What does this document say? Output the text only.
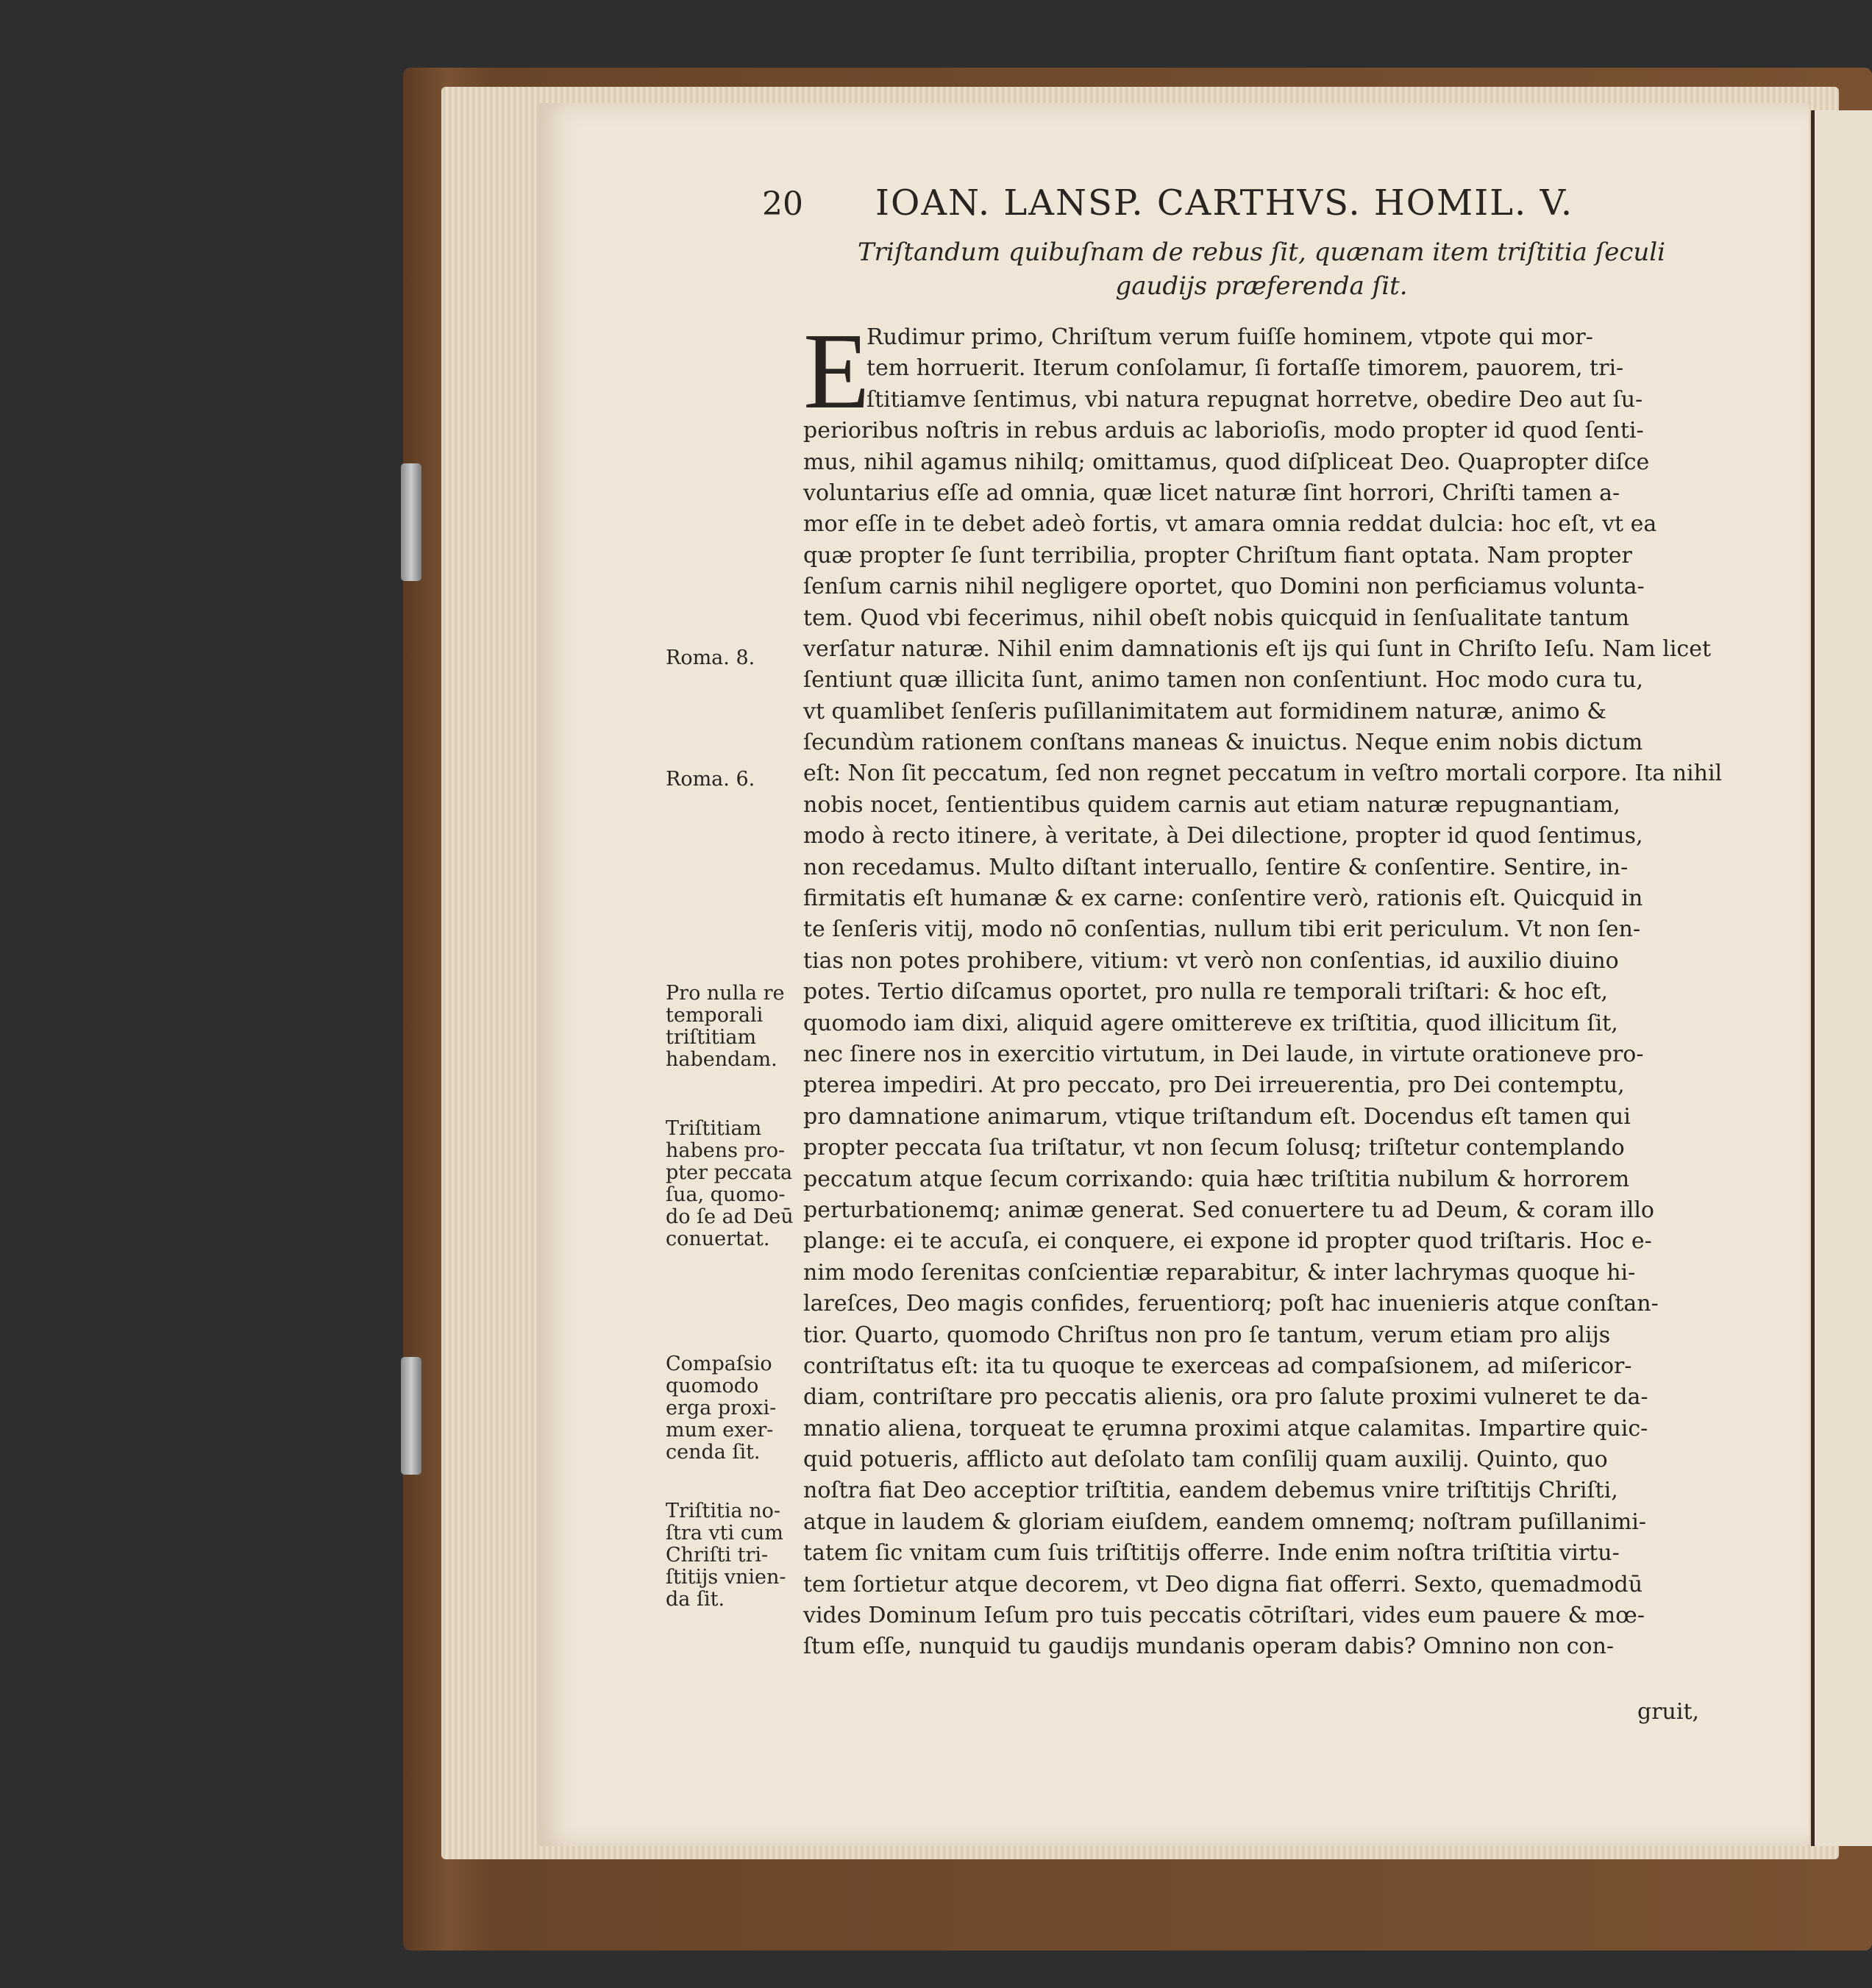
20 IOAN. LANSP. CARTHVS. HOMIL. V.
Triſtandum quibuſnam de rebus ſit, quænam item triſtitia ſeculi
gaudijs præferenda ſit.
E
Rudimur primo, Chriſtum verum fuiſſe hominem, vtpote qui mor-
tem horruerit. Iterum conſolamur, ſi fortaſſe timorem, pauorem, tri-
ſtitiamve ſentimus, vbi natura repugnat horretve, obedire Deo aut ſu-
perioribus noſtris in rebus arduis ac laborioſis, modo propter id quod ſenti-
mus, nihil agamus nihilq; omittamus, quod diſpliceat Deo. Quapropter diſce
voluntarius eſſe ad omnia, quæ licet naturæ ſint horrori, Chriſti tamen a-
mor eſſe in te debet adeò fortis, vt amara omnia reddat dulcia: hoc eſt, vt ea
quæ propter ſe ſunt terribilia, propter Chriſtum fiant optata. Nam propter
ſenſum carnis nihil negligere oportet, quo Domini non perficiamus volunta-
tem. Quod vbi fecerimus, nihil obeſt nobis quicquid in ſenſualitate tantum
verſatur naturæ. Nihil enim damnationis eſt ijs qui ſunt in Chriſto Ieſu. Nam licet
ſentiunt quæ illicita ſunt, animo tamen non conſentiunt. Hoc modo cura tu,
vt quamlibet ſenſeris puſillanimitatem aut formidinem naturæ, animo &
ſecundùm rationem conſtans maneas & inuictus. Neque enim nobis dictum
eſt: Non ſit peccatum, ſed non regnet peccatum in veſtro mortali corpore. Ita nihil
nobis nocet, ſentientibus quidem carnis aut etiam naturæ repugnantiam,
modo à recto itinere, à veritate, à Dei dilectione, propter id quod ſentimus,
non recedamus. Multo diſtant interuallo, ſentire & conſentire. Sentire, in-
firmitatis eſt humanæ & ex carne: conſentire verò, rationis eſt. Quicquid in
te ſenſeris vitij, modo nō conſentias, nullum tibi erit periculum. Vt non ſen-
tias non potes prohibere, vitium: vt verò non conſentias, id auxilio diuino
potes. Tertio diſcamus oportet, pro nulla re temporali triſtari: & hoc eſt,
quomodo iam dixi, aliquid agere omittereve ex triſtitia, quod illicitum ſit,
nec ſinere nos in exercitio virtutum, in Dei laude, in virtute orationeve pro-
pterea impediri. At pro peccato, pro Dei irreuerentia, pro Dei contemptu,
pro damnatione animarum, vtique triſtandum eſt. Docendus eſt tamen qui
propter peccata ſua triſtatur, vt non ſecum ſolusq; triſtetur contemplando
peccatum atque ſecum corrixando: quia hæc triſtitia nubilum & horrorem
perturbationemq; animæ generat. Sed conuertere tu ad Deum, & coram illo
plange: ei te accuſa, ei conquere, ei expone id propter quod triſtaris. Hoc e-
nim modo ſerenitas conſcientiæ reparabitur, & inter lachrymas quoque hi-
lareſces, Deo magis confides, feruentiorq; poſt hac inuenieris atque conſtan-
tior. Quarto, quomodo Chriſtus non pro ſe tantum, verum etiam pro alijs
contriſtatus eſt: ita tu quoque te exerceas ad compaſsionem, ad miſericor-
diam, contriſtare pro peccatis alienis, ora pro ſalute proximi vulneret te da-
mnatio aliena, torqueat te ęrumna proximi atque calamitas. Impartire quic-
quid potueris, afflicto aut deſolato tam conſilij quam auxilij. Quinto, quo
noſtra fiat Deo acceptior triſtitia, eandem debemus vnire triſtitijs Chriſti,
atque in laudem & gloriam eiuſdem, eandem omnemq; noſtram puſillanimi-
tatem ſic vnitam cum ſuis triſtitijs offerre. Inde enim noſtra triſtitia virtu-
tem ſortietur atque decorem, vt Deo digna fiat offerri. Sexto, quemadmodū
vides Dominum Ieſum pro tuis peccatis cōtriſtari, vides eum pauere & mœ-
ſtum eſſe, nunquid tu gaudijs mundanis operam dabis? Omnino non con-
Roma. 8.
Roma. 6.
Pro nulla re
temporali
triſtitiam
habendam.
Triſtitiam
habens pro-
pter peccata
ſua, quomo-
do ſe ad Deū
conuertat.
Compaſsio
quomodo
erga proxi-
mum exer-
cenda ſit.
Triſtitia no-
ſtra vti cum
Chriſti tri-
ſtitijs vnien-
da ſit.
gruit,
